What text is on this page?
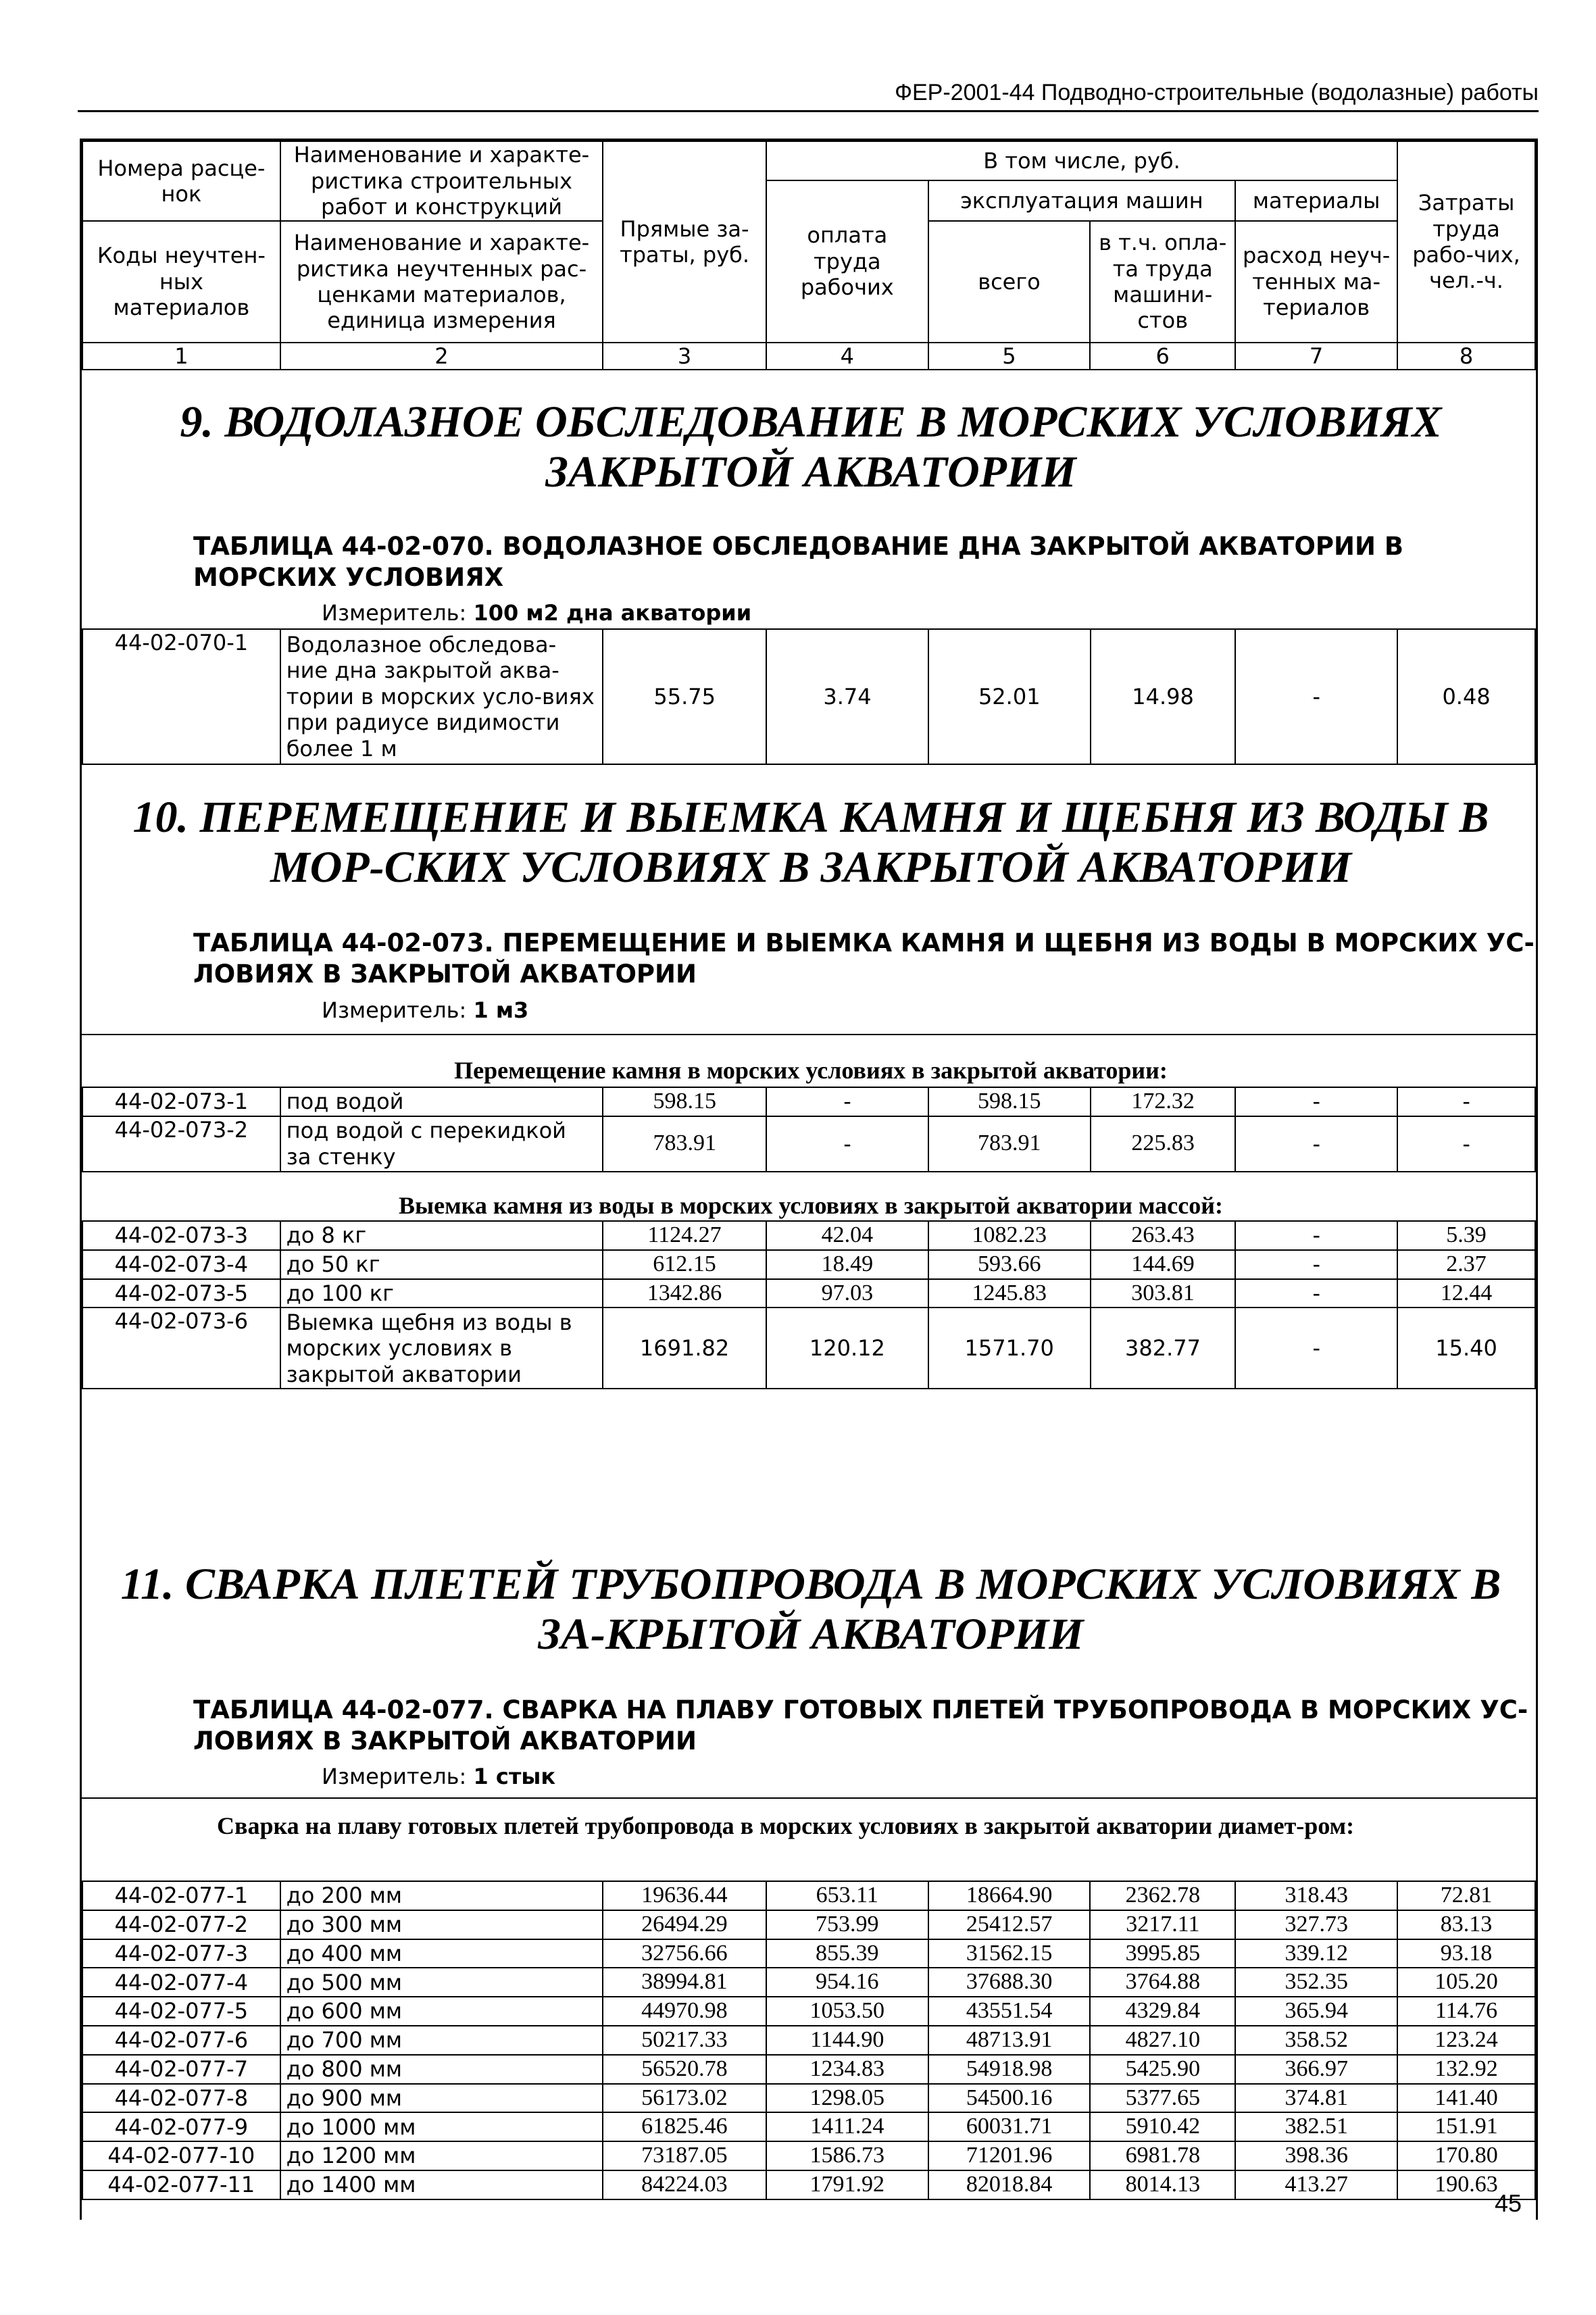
ФЕР-2001-44 Подводно-строительные (водолазные) работы
Номера расце-нок	Наименование и характе-ристика строительных работ и конструкций	Прямые за-траты, руб.	В том числе, руб.				Затраты труда рабо-чих, чел.-ч.
			оплата труда рабочих	эксплуатация машин		материалы	

Коды неучтен-ных материалов	Наименование и характе-ристика неучтенных рас-ценками материалов, единица измерения			всего	в т.ч. опла-та труда машини-стов	расход неуч-тенных ма-териалов	

1	2	3	4	5	6	7	8
9. ВОДОЛАЗНОЕ ОБСЛЕДОВАНИЕ В МОРСКИХ УСЛОВИЯХ ЗАКРЫТОЙ АКВАТОРИИ
ТАБЛИЦА 44-02-070. ВОДОЛАЗНОЕ ОБСЛЕДОВАНИЕ ДНА ЗАКРЫТОЙ АКВАТОРИИ В МОРСКИХ УСЛОВИЯХ
Измеритель: 100 м2 дна акватории
44-02-070-1	Водолазное обследова-ние дна закрытой аква-тории в морских усло-виях при радиусе видимости более 1 м	55.75	3.74	52.01	14.98	-	0.48
10. ПЕРЕМЕЩЕНИЕ И ВЫЕМКА КАМНЯ И ЩЕБНЯ ИЗ ВОДЫ В МОР-СКИХ УСЛОВИЯХ В ЗАКРЫТОЙ АКВАТОРИИ
ТАБЛИЦА 44-02-073. ПЕРЕМЕЩЕНИЕ И ВЫЕМКА КАМНЯ И ЩЕБНЯ ИЗ ВОДЫ В МОРСКИХ УС-ЛОВИЯХ В ЗАКРЫТОЙ АКВАТОРИИ
Измеритель: 1 м3
Перемещение камня в морских условиях в закрытой акватории:
44-02-073-1	под водой	598.15	-	598.15	172.32	-	-
44-02-073-2	под водой с перекидкой за стенку	783.91	-	783.91	225.83	-	-
Выемка камня из воды в морских условиях в закрытой акватории массой:
44-02-073-3	до 8 кг	1124.27	42.04	1082.23	263.43	-	5.39
44-02-073-4	до 50 кг	612.15	18.49	593.66	144.69	-	2.37
44-02-073-5	до 100 кг	1342.86	97.03	1245.83	303.81	-	12.44
44-02-073-6	Выемка щебня из воды в морских условиях в закрытой акватории	1691.82	120.12	1571.70	382.77	-	15.40
11. СВАРКА ПЛЕТЕЙ ТРУБОПРОВОДА В МОРСКИХ УСЛОВИЯХ В ЗА-КРЫТОЙ АКВАТОРИИ
ТАБЛИЦА 44-02-077. СВАРКА НА ПЛАВУ ГОТОВЫХ ПЛЕТЕЙ ТРУБОПРОВОДА В МОРСКИХ УС-ЛОВИЯХ В ЗАКРЫТОЙ АКВАТОРИИ
Измеритель: 1 стык
Сварка на плаву готовых плетей трубопровода в морских условиях в закрытой акватории диамет-ром:
44-02-077-1	до 200 мм	19636.44	653.11	18664.90	2362.78	318.43	72.81
44-02-077-2	до 300 мм	26494.29	753.99	25412.57	3217.11	327.73	83.13
44-02-077-3	до 400 мм	32756.66	855.39	31562.15	3995.85	339.12	93.18
44-02-077-4	до 500 мм	38994.81	954.16	37688.30	3764.88	352.35	105.20
44-02-077-5	до 600 мм	44970.98	1053.50	43551.54	4329.84	365.94	114.76
44-02-077-6	до 700 мм	50217.33	1144.90	48713.91	4827.10	358.52	123.24
44-02-077-7	до 800 мм	56520.78	1234.83	54918.98	5425.90	366.97	132.92
44-02-077-8	до 900 мм	56173.02	1298.05	54500.16	5377.65	374.81	141.40
44-02-077-9	до 1000 мм	61825.46	1411.24	60031.71	5910.42	382.51	151.91
44-02-077-10	до 1200 мм	73187.05	1586.73	71201.96	6981.78	398.36	170.80
44-02-077-11	до 1400 мм	84224.03	1791.92	82018.84	8014.13	413.27	190.63
45
